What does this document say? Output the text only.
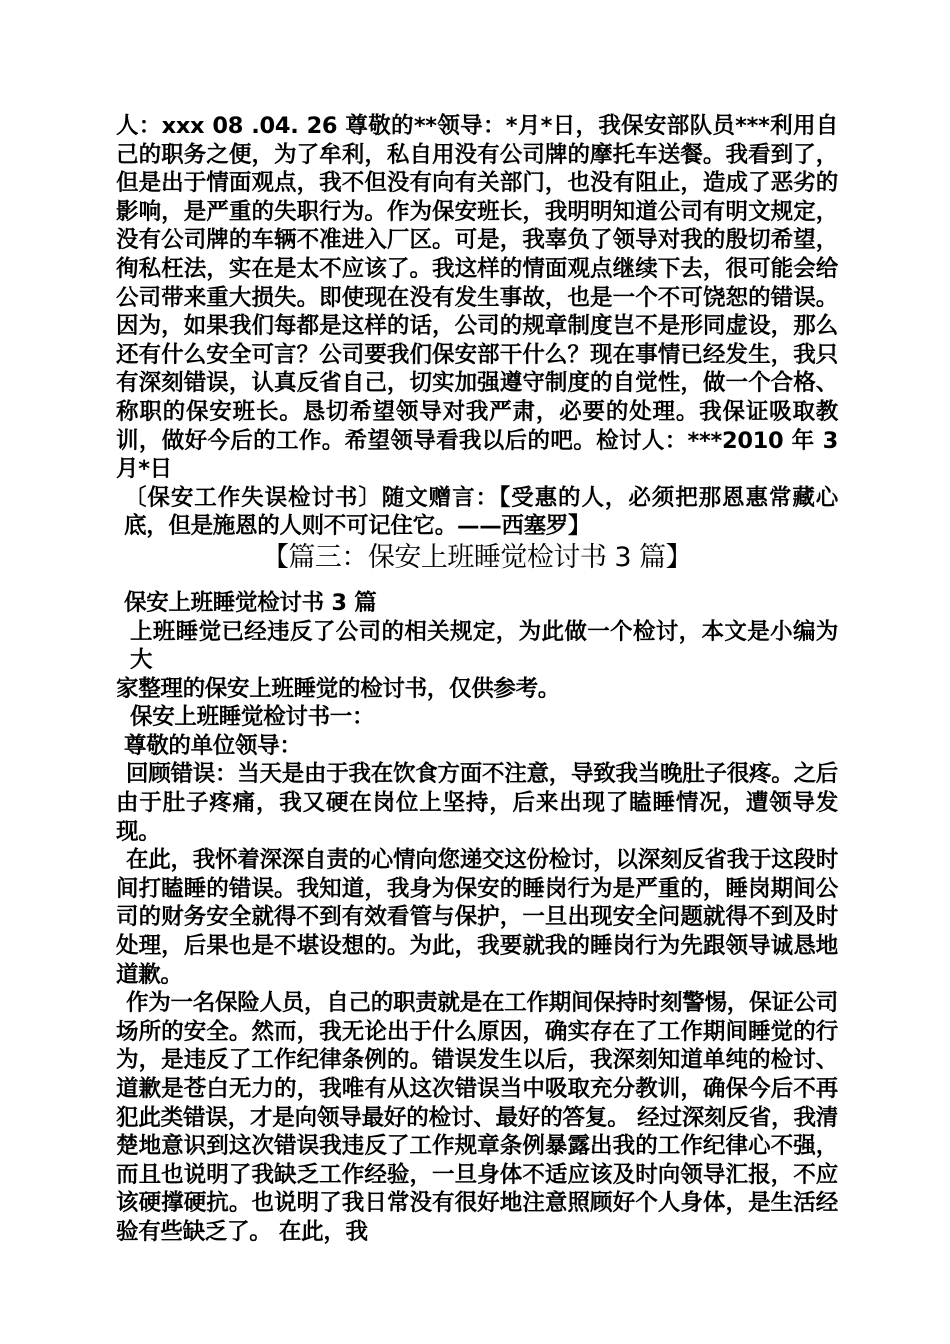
人：xxx 08 .04. 26 尊敬的**领导：*月*日，我保安部队员***利用自己的职务之便，为了牟利，私自用没有公司牌的摩托车送餐。我看到了，但是出于情面观点，我不但没有向有关部门，也没有阻止，造成了恶劣的影响，是严重的失职行为。作为保安班长，我明明知道公司有明文规定，没有公司牌的车辆不准进入厂区。可是，我辜负了领导对我的殷切希望，徇私枉法，实在是太不应该了。我这样的情面观点继续下去，很可能会给公司带来重大损失。即使现在没有发生事故，也是一个不可饶恕的错误。因为，如果我们每都是这样的话，公司的规章制度岂不是形同虚设，那么还有什么安全可言？公司要我们保安部干什么？现在事情已经发生，我只有深刻错误，认真反省自己，切实加强遵守制度的自觉性，做一个合格、称职的保安班长。恳切希望领导对我严肃，必要的处理。我保证吸取教训，做好今后的工作。希望领导看我以后的吧。检讨人：***2010 年 3 月*日

〔保安工作失误检讨书〕随文赠言：【受惠的人，必须把那恩惠常藏心底，但是施恩的人则不可记住它。——西塞罗】

【篇三：保安上班睡觉检讨书 3 篇】

保安上班睡觉检讨书 3 篇

上班睡觉已经违反了公司的相关规定，为此做一个检讨，本文是小编为大

家整理的保安上班睡觉的检讨书，仅供参考。

保安上班睡觉检讨书一：

尊敬的单位领导：

回顾错误：当天是由于我在饮食方面不注意，导致我当晚肚子很疼。之后由于肚子疼痛，我又硬在岗位上坚持，后来出现了瞌睡情况，遭领导发现。

在此，我怀着深深自责的心情向您递交这份检讨，以深刻反省我于这段时间打瞌睡的错误。我知道，我身为保安的睡岗行为是严重的，睡岗期间公司的财务安全就得不到有效看管与保护，一旦出现安全问题就得不到及时处理，后果也是不堪设想的。为此，我要就我的睡岗行为先跟领导诚恳地道歉。

作为一名保险人员，自己的职责就是在工作期间保持时刻警惕，保证公司场所的安全。然而，我无论出于什么原因，确实存在了工作期间睡觉的行为，是违反了工作纪律条例的。错误发生以后，我深刻知道单纯的检讨、道歉是苍白无力的，我唯有从这次错误当中吸取充分教训，确保今后不再犯此类错误，才是向领导最好的检讨、最好的答复。 经过深刻反省，我清楚地意识到这次错误我违反了工作规章条例暴露出我的工作纪律心不强，而且也说明了我缺乏工作经验，一旦身体不适应该及时向领导汇报，不应该硬撑硬抗。也说明了我日常没有很好地注意照顾好个人身体，是生活经验有些缺乏了。 在此，我
